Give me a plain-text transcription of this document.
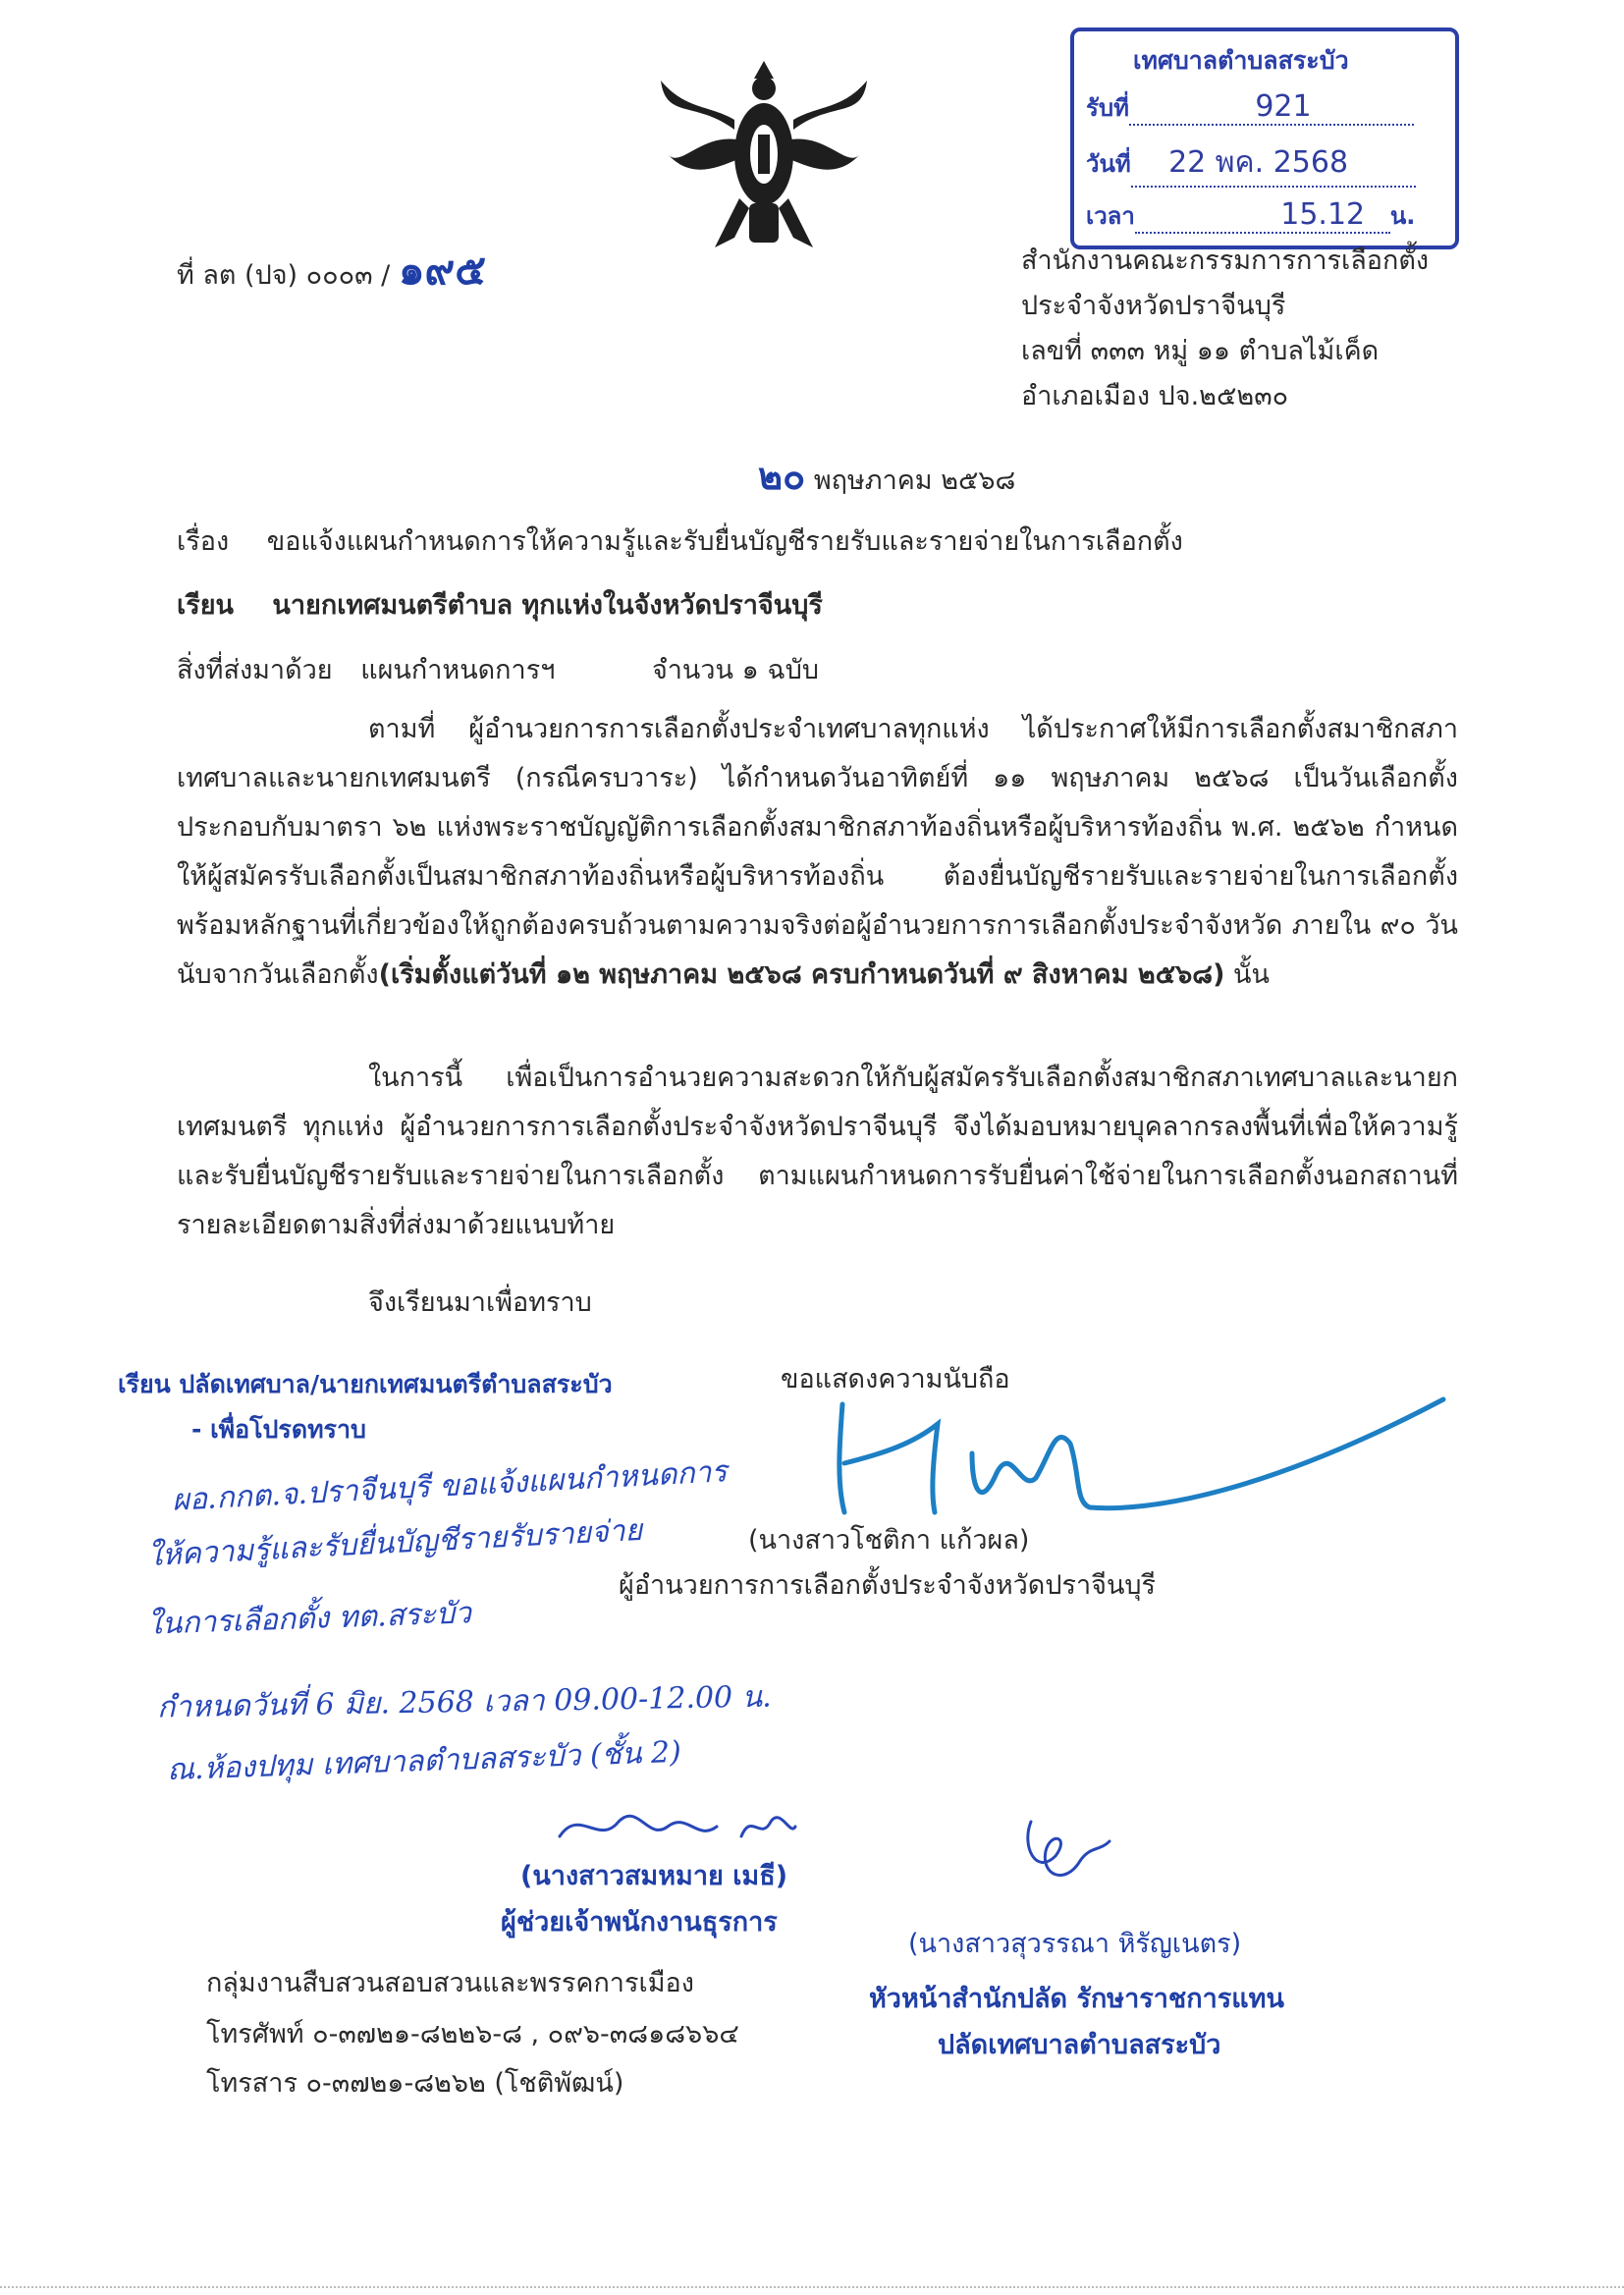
เทศบาลตำบลสระบัว
รับที่	921
วันที่ 22 พค. 2568
เวลา	15.12 น.
ที่ ลต (ปจ) ๐๐๐๓ / ๑๙๕	สำนักงานคณะกรรมการการเลือกตั้ง
ประจำจังหวัดปราจีนบุรี
เลขที่ ๓๓๓ หมู่ ๑๑ ตำบลไม้เค็ด
อำเภอเมือง ปจ.๒๕๒๓๐
๒๐ พฤษภาคม ๒๕๖๘
เรื่อง ขอแจ้งแผนกำหนดการให้ความรู้และรับยื่นบัญชีรายรับและรายจ่ายในการเลือกตั้ง
เรียน นายกเทศมนตรีตำบล ทุกแห่งในจังหวัดปราจีนบุรี
สิ่งที่ส่งมาด้วย แผนกำหนดการฯ	จำนวน ๑ ฉบับ
ตามที่ ผู้อำนวยการการเลือกตั้งประจำเทศบาลทุกแห่ง ได้ประกาศให้มีการเลือกตั้งสมาชิกสภาเทศบาลและนายกเทศมนตรี (กรณีครบวาระ) ได้กำหนดวันอาทิตย์ที่ ๑๑ พฤษภาคม ๒๕๖๘ เป็นวันเลือกตั้ง ประกอบกับมาตรา ๖๒ แห่งพระราชบัญญัติการเลือกตั้งสมาชิกสภาท้องถิ่นหรือผู้บริหารท้องถิ่น พ.ศ. ๒๕๖๒ กำหนดให้ผู้สมัครรับเลือกตั้งเป็นสมาชิกสภาท้องถิ่นหรือผู้บริหารท้องถิ่น ต้องยื่นบัญชีรายรับและรายจ่ายในการเลือกตั้งพร้อมหลักฐานที่เกี่ยวข้องให้ถูกต้องครบถ้วนตามความจริงต่อผู้อำนวยการการเลือกตั้งประจำจังหวัด ภายใน ๙๐ วัน นับจากวันเลือกตั้ง(เริ่มตั้งแต่วันที่ ๑๒ พฤษภาคม ๒๕๖๘ ครบกำหนดวันที่ ๙ สิงหาคม ๒๕๖๘) นั้น
ในการนี้ เพื่อเป็นการอำนวยความสะดวกให้กับผู้สมัครรับเลือกตั้งสมาชิกสภาเทศบาลและนายกเทศมนตรี ทุกแห่ง ผู้อำนวยการการเลือกตั้งประจำจังหวัดปราจีนบุรี จึงได้มอบหมายบุคลากรลงพื้นที่เพื่อให้ความรู้และรับยื่นบัญชีรายรับและรายจ่ายในการเลือกตั้ง ตามแผนกำหนดการรับยื่นค่าใช้จ่ายในการเลือกตั้งนอกสถานที่ รายละเอียดตามสิ่งที่ส่งมาด้วยแนบท้าย
จึงเรียนมาเพื่อทราบ
ขอแสดงความนับถือ
เรียน ปลัดเทศบาล/นายกเทศมนตรีตำบลสระบัว
- เพื่อโปรดทราบ
(นางสาวโชติกา แก้วผล)
ผู้อำนวยการการเลือกตั้งประจำจังหวัดปราจีนบุรี
ผอ.กกต.จ.ปราจีนบุรี ขอแจ้งแผนกำหนดการ
ให้ความรู้และรับยื่นบัญชีรายรับรายจ่าย
ในการเลือกตั้ง ทต.สระบัว
กำหนดวันที่ 6 มิย. 2568 เวลา 09.00-12.00 น.
ณ.ห้องปทุม เทศบาลตำบลสระบัว (ชั้น 2)
(นางสาวสมหมาย เมธี)
ผู้ช่วยเจ้าพนักงานธุรการ
(นางสาวสุวรรณา หิรัญเนตร)
หัวหน้าสำนักปลัด รักษาราชการแทน
ปลัดเทศบาลตำบลสระบัว
กลุ่มงานสืบสวนสอบสวนและพรรคการเมือง
โทรศัพท์ ๐-๓๗๒๑-๘๒๒๖-๘ , ๐๙๖-๓๘๑๘๖๖๔
โทรสาร ๐-๓๗๒๑-๘๒๖๒ (โชติพัฒน์)
